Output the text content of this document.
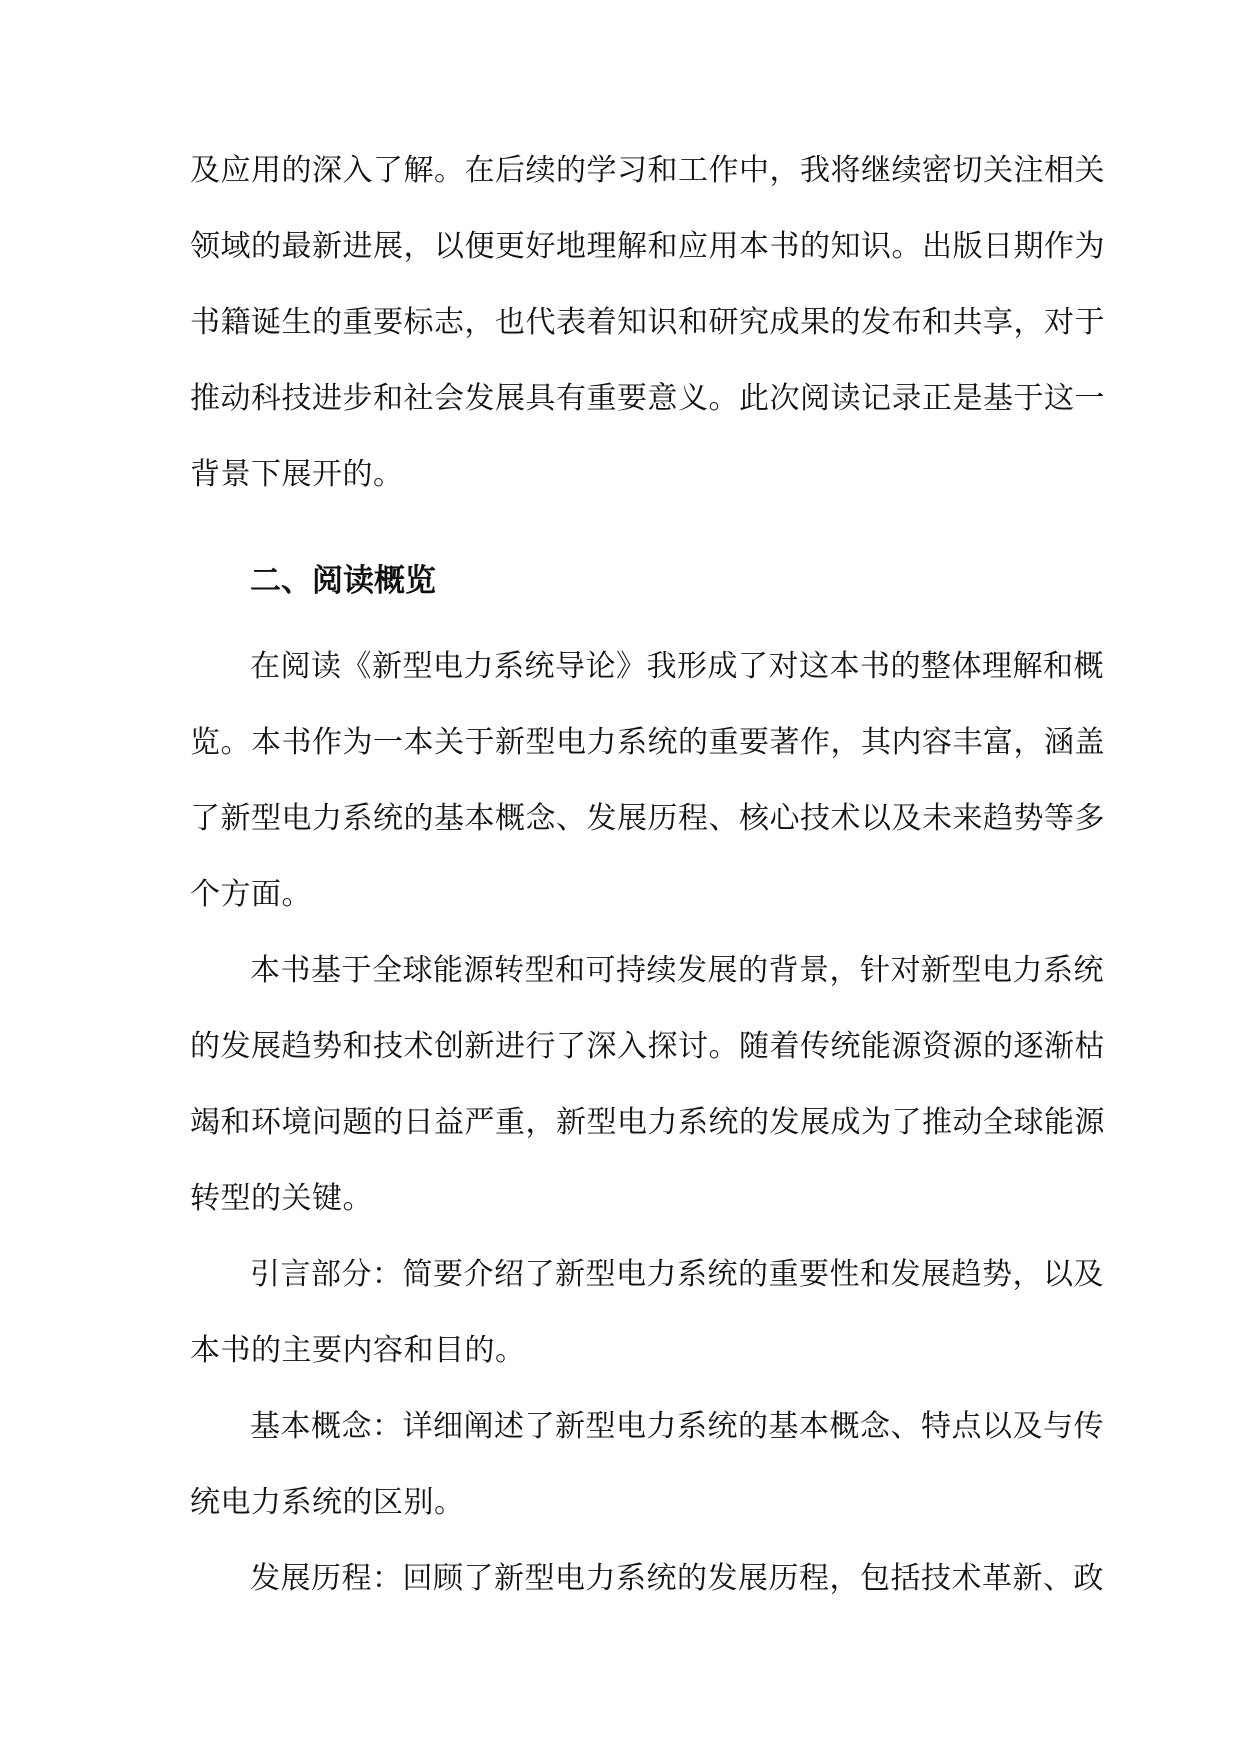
及应用的深入了解。在后续的学习和工作中，我将继续密切关注相关
领域的最新进展，以便更好地理解和应用本书的知识。出版日期作为
书籍诞生的重要标志，也代表着知识和研究成果的发布和共享，对于
推动科技进步和社会发展具有重要意义。此次阅读记录正是基于这一
背景下展开的。
二、阅读概览
在阅读《新型电力系统导论》我形成了对这本书的整体理解和概
览。本书作为一本关于新型电力系统的重要著作，其内容丰富，涵盖
了新型电力系统的基本概念、发展历程、核心技术以及未来趋势等多
个方面。
本书基于全球能源转型和可持续发展的背景，针对新型电力系统
的发展趋势和技术创新进行了深入探讨。随着传统能源资源的逐渐枯
竭和环境问题的日益严重，新型电力系统的发展成为了推动全球能源
转型的关键。
引言部分：简要介绍了新型电力系统的重要性和发展趋势，以及
本书的主要内容和目的。
基本概念：详细阐述了新型电力系统的基本概念、特点以及与传
统电力系统的区别。
发展历程：回顾了新型电力系统的发展历程，包括技术革新、政
